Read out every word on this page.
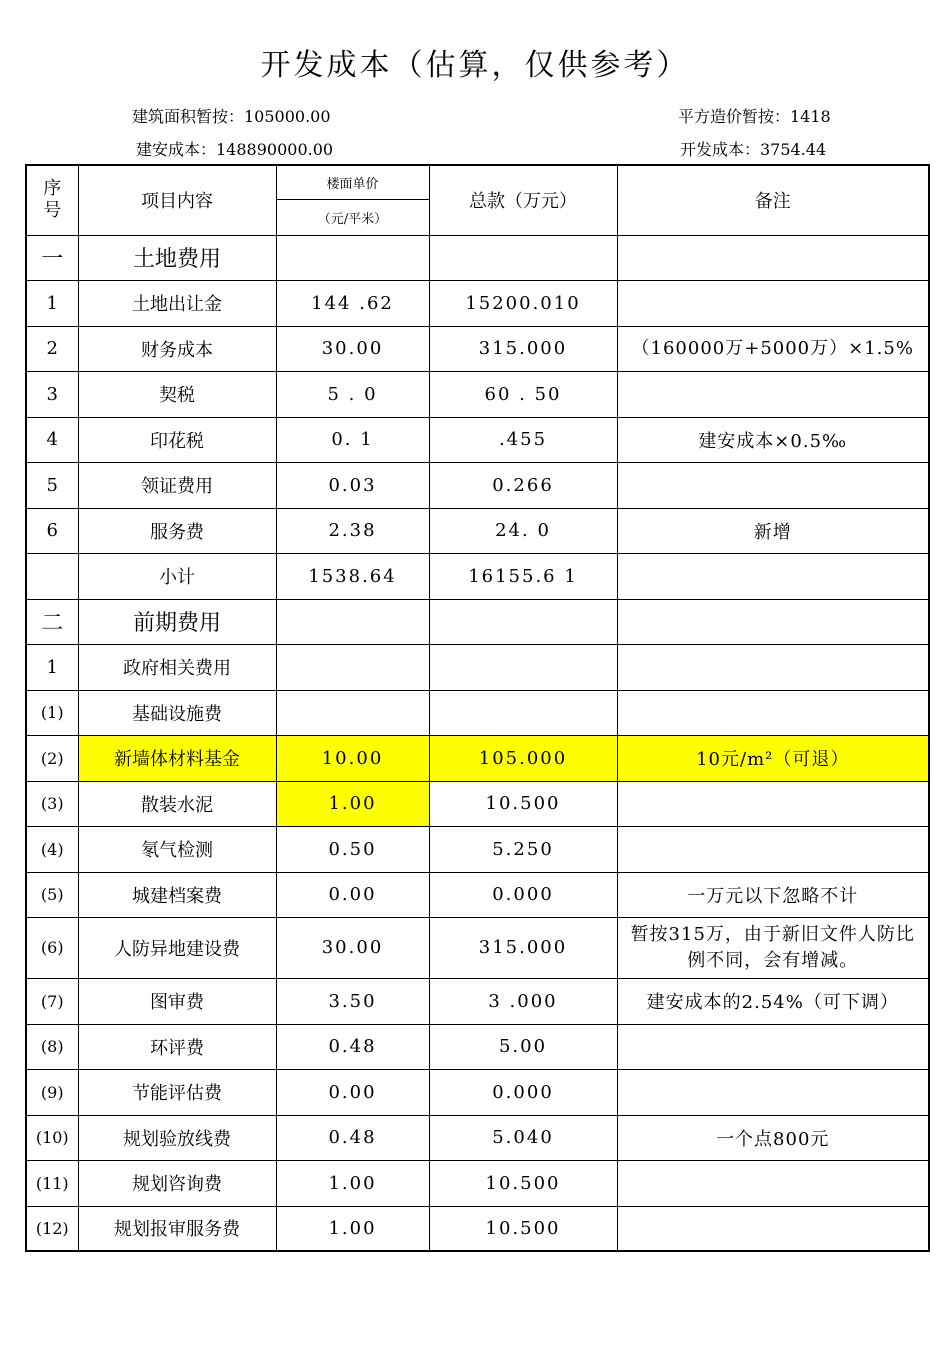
开发成本（估算，仅供参考）
建筑面积暂按：105000.00
建安成本：148890000.00
平方造价暂按：1418
开发成本：3754.44
序号	项目内容	楼面单价	总款（万元）	备注
		（元/平米）		
一	土地费用			
1	土地出让金	144 .62	15200.010	
2	财务成本	30.00	315.000	（160000万+5000万）×1.5%
3	契税	5 . 0	60 . 50	
4	印花税	0. 1	.455	建安成本×0.5‰
5	领证费用	0.03	0.266	
6	服务费	2.38	24. 0	新增
	小计	1538.64	16155.6 1	
二	前期费用			
1	政府相关费用			
(1)	基础设施费			
(2)	新墙体材料基金	10.00	105.000	10元/m²（可退）
(3)	散装水泥	1.00	10.500	
(4)	氡气检测	0.50	5.250	
(5)	城建档案费	0.00	0.000	一万元以下忽略不计
(6)	人防异地建设费	30.00	315.000	暂按315万，由于新旧文件人防比例不同，会有增减。
(7)	图审费	3.50	3 .000	建安成本的2.54%（可下调）
(8)	环评费	0.48	5.00	
(9)	节能评估费	0.00	0.000	
(10)	规划验放线费	0.48	5.040	一个点800元
(11)	规划咨询费	1.00	10.500	
(12)	规划报审服务费	1.00	10.500	
